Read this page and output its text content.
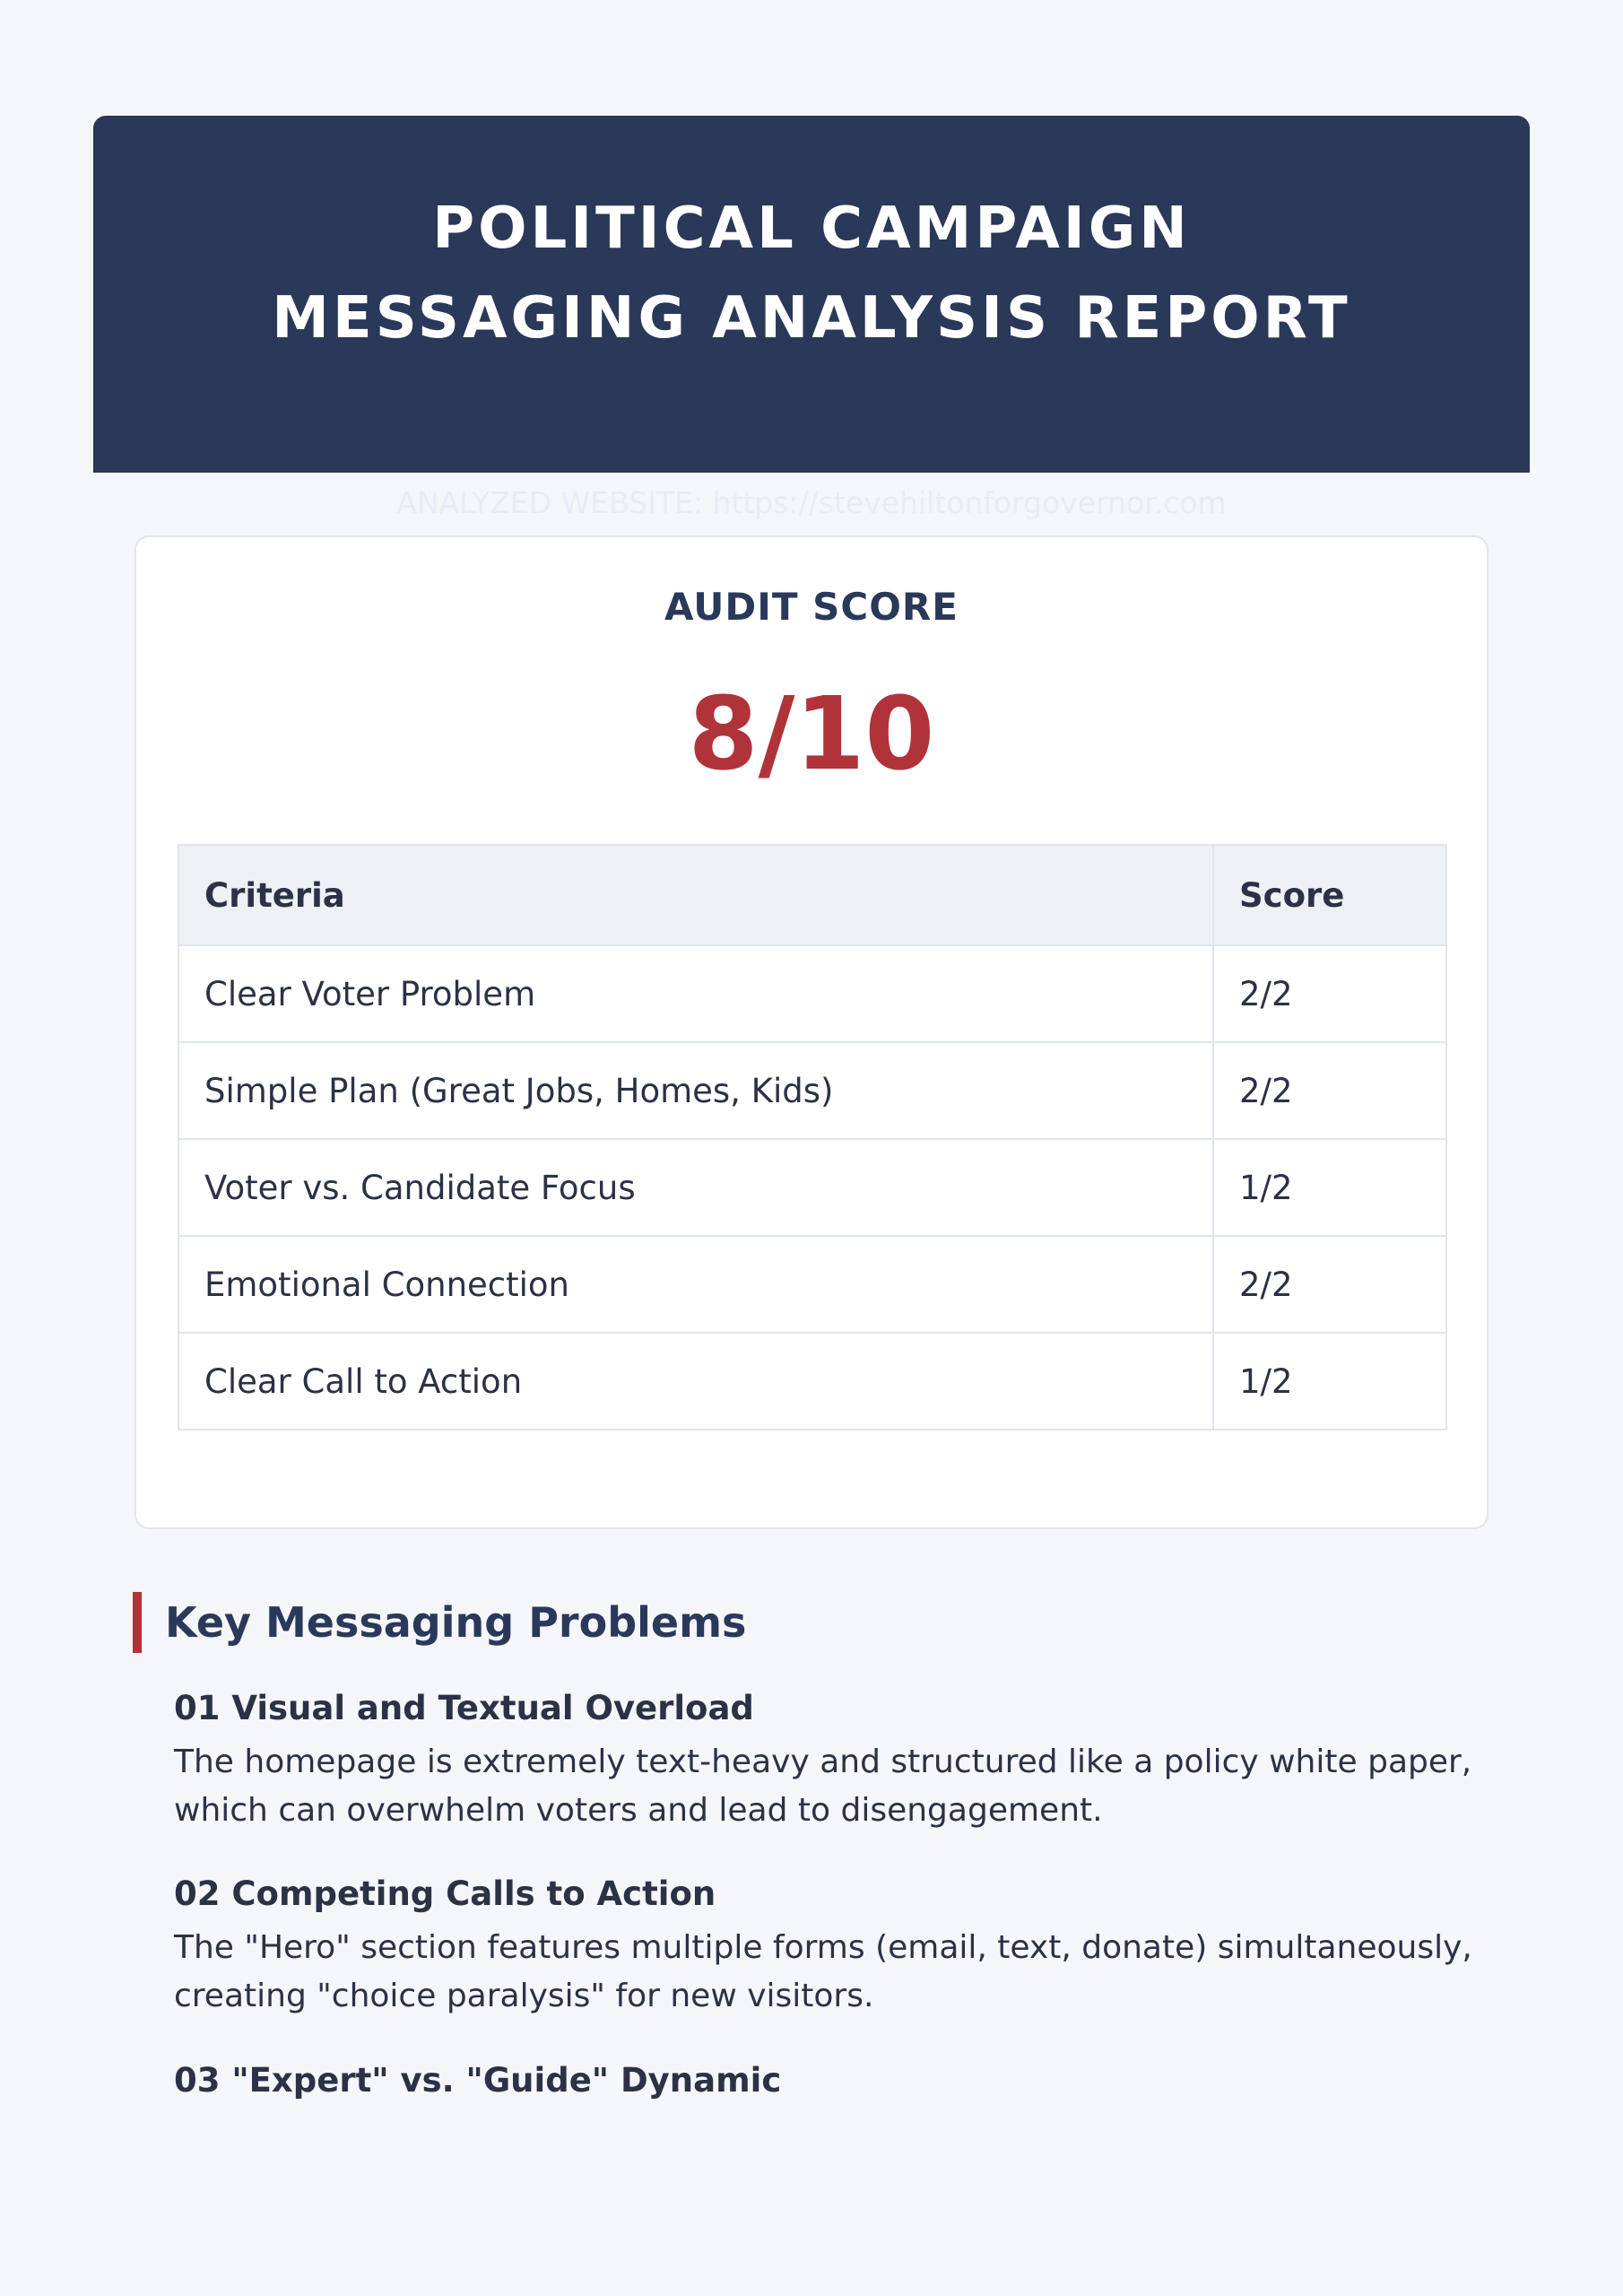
POLITICAL CAMPAIGN MESSAGING ANALYSIS REPORT
ANALYZED WEBSITE: https://stevehiltonforgovernor.com
AUDIT SCORE
8/10
Criteria	Score
Clear Voter Problem	2/2
Simple Plan (Great Jobs, Homes, Kids)	2/2
Voter vs. Candidate Focus	1/2
Emotional Connection	2/2
Clear Call to Action	1/2
Key Messaging Problems
01 Visual and Textual Overload

The homepage is extremely text-heavy and structured like a policy white paper, which can overwhelm voters and lead to disengagement.

02 Competing Calls to Action

The "Hero" section features multiple forms (email, text, donate) simultaneously, creating "choice paralysis" for new visitors.

03 "Expert" vs. "Guide" Dynamic
